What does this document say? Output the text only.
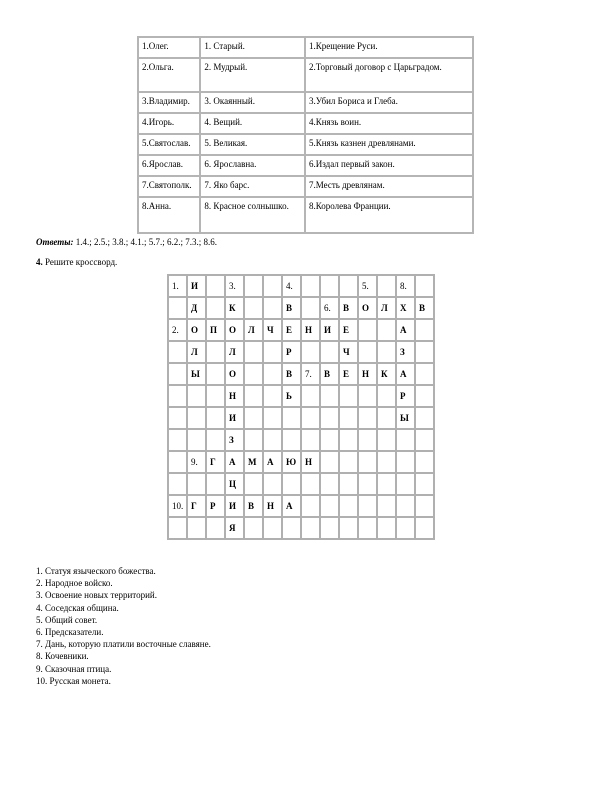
1.Олег.	1. Старый.	1.Крещение Руси.
2.Ольга.	2. Мудрый.	2.Торговый договор с Царьградом.
3.Владимир.	3. Окаянный.	3.Убил Бориса и Глеба.
4.Игорь.	4. Вещий.	4.Князь воин.
5.Святослав.	5. Великая.	5.Князь казнен древлянами.
6.Ярослав.	6. Ярославна.	6.Издал первый закон.
7.Святополк.	7. Яко барс.	7.Месть древлянам.
8.Анна.	8. Красное солнышко.	8.Королева Франции.
Ответы: 1.4.; 2.5.; 3.8.; 4.1.; 5.7.; 6.2.; 7.3.; 8.6.
4. Решите кроссворд.
1.	И		3.			4.				5.		8.	
	Д		К			В		6.	В	О	Л	Х	В
2.	О	П	О	Л	Ч	Е	Н	И	Е			А	
	Л		Л			Р			Ч			З	
	Ы		О			В	7.	В	Е	Н	К	А	
			Н			Ь						Р	
			И									Ы	
			З										
	9.	Г	А	М	А	Ю	Н						
			Ц										
10.	Г	Р	И	В	Н	А							
			Я										
1. Статуя языческого божества.
2. Народное войско.
3. Освоение новых территорий.
4. Соседская община.
5. Общий совет.
6. Предсказатели.
7. Дань, которую платили восточные славяне.
8. Кочевники.
9. Сказочная птица.
10. Русская монета.
